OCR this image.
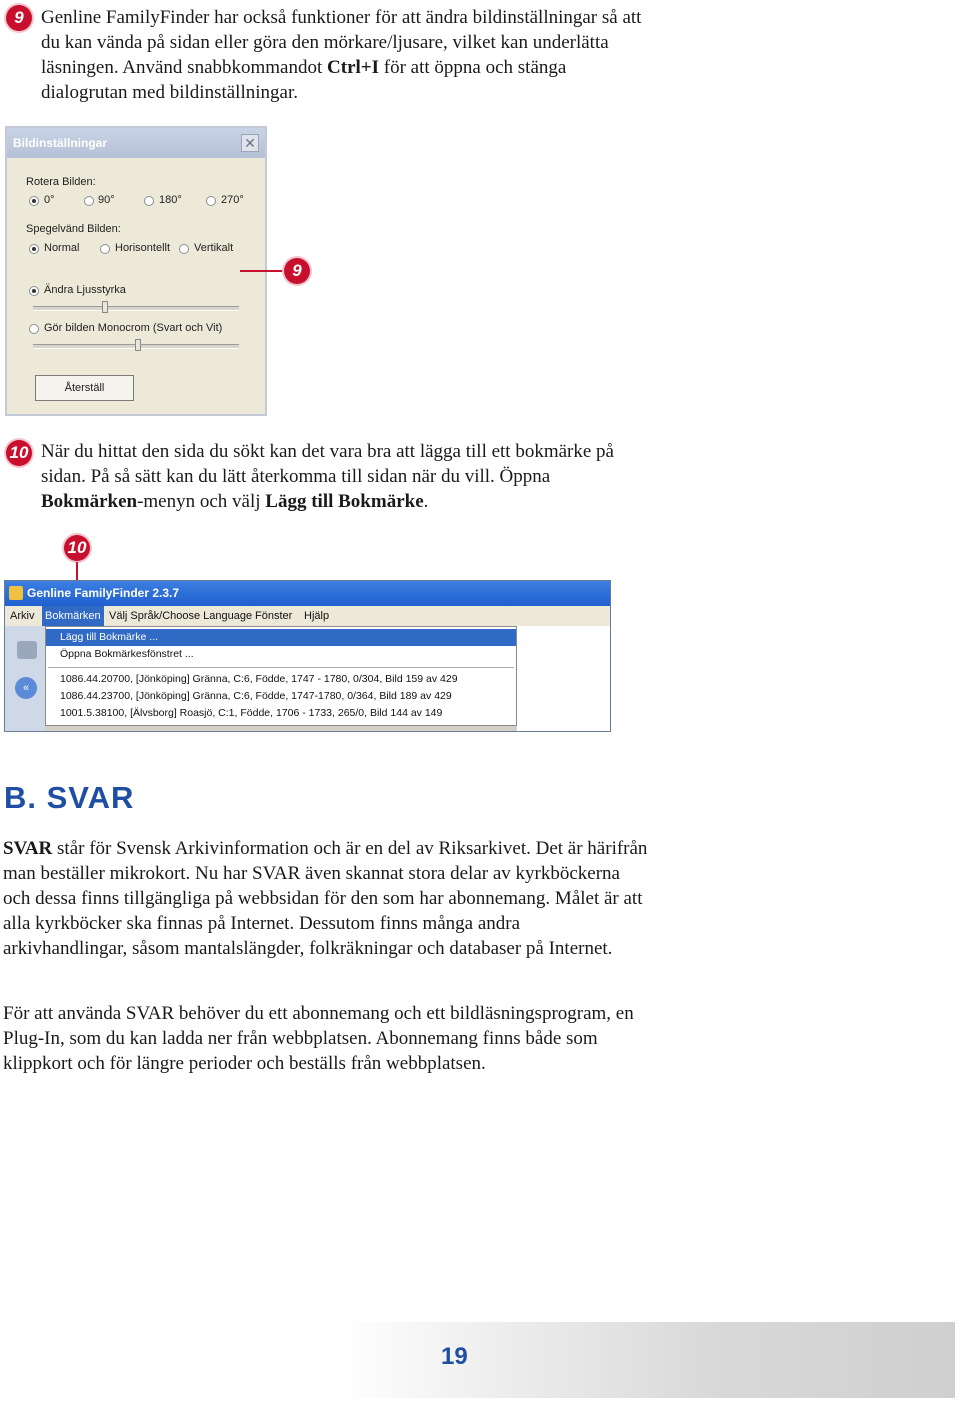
9 Genline FamilyFinder har också funktioner för att ändra bildinställningar så att du kan vända på sidan eller göra den mörkare/ljusare, vilket kan underlätta läsningen. Använd snabbkommandot Ctrl+I för att öppna och stänga dialogrutan med bildinställningar.
Bildinställningar	✕
Rotera Bilden:
0°	90°	180°	270°
Spegelvänd Bilden:
Normal	Horisontellt Vertikalt
Ändra Ljusstyrka
Gör bilden Monocrom (Svart och Vit)
Återställ
9
10 När du hittat den sida du sökt kan det vara bra att lägga till ett bokmärke på sidan. På så sätt kan du lätt återkomma till sidan när du vill. Öppna Bokmärken-menyn och välj Lägg till Bokmärke.
10
Genline FamilyFinder 2.3.7
Arkiv Bokmärken Välj Språk/Choose Language Fönster Hjälp
«
Lägg till Bokmärke ...
Öppna Bokmärkesfönstret ...
1086.44.20700, [Jönköping] Gränna, C:6, Födde, 1747 - 1780, 0/304, Bild 159 av 429
1086.44.23700, [Jönköping] Gränna, C:6, Födde, 1747-1780, 0/364, Bild 189 av 429
1001.5.38100, [Älvsborg] Roasjö, C:1, Födde, 1706 - 1733, 265/0, Bild 144 av 149
B. SVAR
SVAR står för Svensk Arkivinformation och är en del av Riksarkivet. Det är härifrån man beställer mikrokort. Nu har SVAR även skannat stora delar av kyrkböckerna och dessa finns tillgängliga på webbsidan för den som har abonnemang. Målet är att alla kyrkböcker ska finnas på Internet. Dessutom finns många andra arkivhandlingar, såsom mantalslängder, folkräkningar och databaser på Internet.
För att använda SVAR behöver du ett abonnemang och ett bildläsningsprogram, en Plug-In, som du kan ladda ner från webbplatsen. Abonnemang finns både som klippkort och för längre perioder och beställs från webbplatsen.
19
